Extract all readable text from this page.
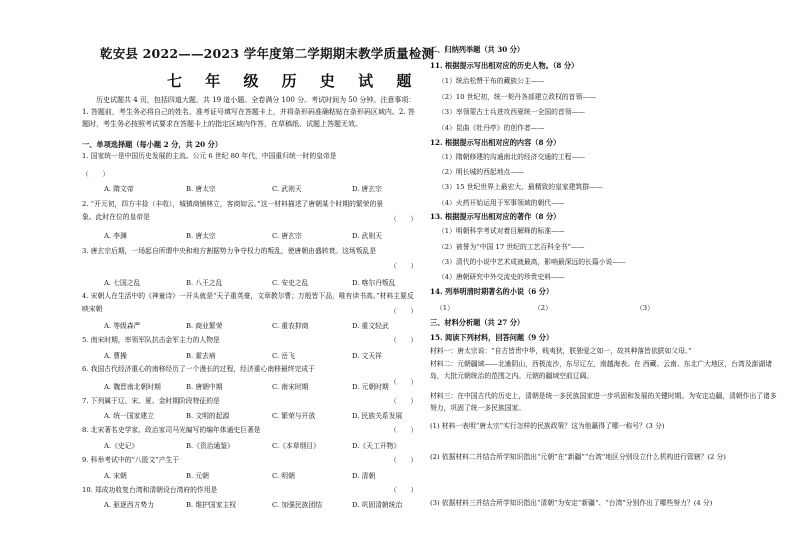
乾安县 2022——2023 学年度第二学期期末教学质量检测
七 年 级 历 史 试 题
历史试题共 4 页，包括四道大题，共 19 道小题。全卷满分 100 分。考试时间为 50 分钟。注意事项：1. 答题前，考生务必将自己的姓名、准考证号填写在答题卡上，并将条形码准确粘贴在条形码区域内。2. 答题时，考生务必按照考试要求在答题卡上的指定区域内作答，在草稿纸、试题上答题无效。
一、单项选择题（每小题 2 分，共 20 分）
1. 国家统一是中国历史发展的主流。公元 6 世纪 80 年代，中国重归统一时的皇帝是
（　　）
A. 隋文帝	B. 唐太宗	C. 武则天	D. 唐玄宗
2. “开元初，四方丰捻（丰收），城镇商铺林立，客商如云。”这一材料描述了唐朝某个时期的繁荣的景象。此时在位的皇帝是	（　　）
A. 李渊	B. 唐太宗	C. 唐玄宗	D. 武则天
3. 唐玄宗后期，一场起自所谓中央和地方割据势力争夺权力的叛乱，使唐朝由盛转衰。这场叛乱是
（　　）
A. 七国之乱	B. 八王之乱	C. 安史之乱	D. 喀尔丹叛乱
4. 宋朝人在生活中的《神童诗》一开头就是“天子重英豪，文章教尔曹；万般皆下品，唯有读书高。”材料主要反映宋朝	（　　）
A. 等级森严	B. 商业繁荣	C. 重农抑商	D. 重文轻武
5. 南宋时期，率领军队抗击金军主力的人物是	（　　）
A. 曹操	B. 霍去病	C. 岳飞	D. 文天祥
6. 我国古代经济重心的南移经历了一个漫长的过程，经济重心南移最终完成于
（　　）
A. 魏晋南北朝时期	B. 唐朝中期	C. 南宋时期	D. 元朝时期
7. 下列属于辽、宋、夏、金时期阶段特征的是	（　　）
A. 统一国家建立	B. 文明的起源	C. 繁荣与开放	D. 民族关系发展
8. 北宋著名史学家、政治家司马光编写的编年体通史巨著是	（　　）
A.《史记》	B.《资治通鉴》	C.《本草纲目》	D.《天工开物》
9. 科举考试中的“八股文”产生于	（　　）
A. 宋朝	B. 元朝	C. 明朝	D. 清朝
10. 郑成功收复台湾和清朝设台湾府的作用是	（　　）
A. 驱逐西方势力	B. 维护国家主权	C. 加强民族团结	D. 巩固清朝统治
二、归纳列举题（共 30 分）
11. 根据提示写出相对应的历史人物。（8 分）
（1）统治松赞干布的藏族公主——
（2）10 世纪初，统一契丹各部建立政权的首领——
（3）率领蒙古士兵进攻西夏统一全国的首领——
（4）昆曲《牡丹亭》的创作者——
12. 根据提示写出相对应的内容（8 分）
（1）隋朝修建的沟通南北的经济交通的工程——
（2）明长城的西起地点——
（3）15 世纪世界上最宏大、最精致的皇家建筑群——
（4）火药开始运用于军事领域的朝代——
13. 根据提示写出相对应的著作（8 分）
（1）明朝科学考试对着目解释的标准——
（2）被誉为“中国 17 世纪的工艺百科全书”——
（3）清代的小说中艺术成就最高，影响最深远的长篇小说——
（4）唐朝研究中外交流史的珍贵史料——
14. 列举明清时期著名的小说（6 分）
（1）	（2）	（3）
三、材料分析题（共 27 分）
15. 阅读下列材料，回答问题（9 分）
材料一：唐太宗说：“自古皆贵中华，贱夷狄，朕独爱之如一，故其种落皆依朕如父母。”
材料二：元朝疆域——北逾阴山，西极流沙，东尽辽左，南越海表。在 西藏、云南、东北广大地区，台湾及澎湖诸岛，大批元朝统治的范围之内。元朝的疆域空前辽阔。
材料三：在中国古代的历史上，清朝是统一多民族国家进一步巩固和发展的关键时期。为安定边疆，清朝作出了诸多努力，巩固了统一多民族国家。
(1) 材料一表明“唐太宗”实行怎样的民族政策？这为他赢得了哪一称号？(3 分)
(2) 依据材料二并结合所学知识指出“元朝”在“新疆”“台湾”地区分别设立什么机构进行管辖？(2 分)
(3) 依据材料三并结合所学知识指出“清朝”为安定“新疆”、“台湾”分别作出了哪些努力？(4 分)
